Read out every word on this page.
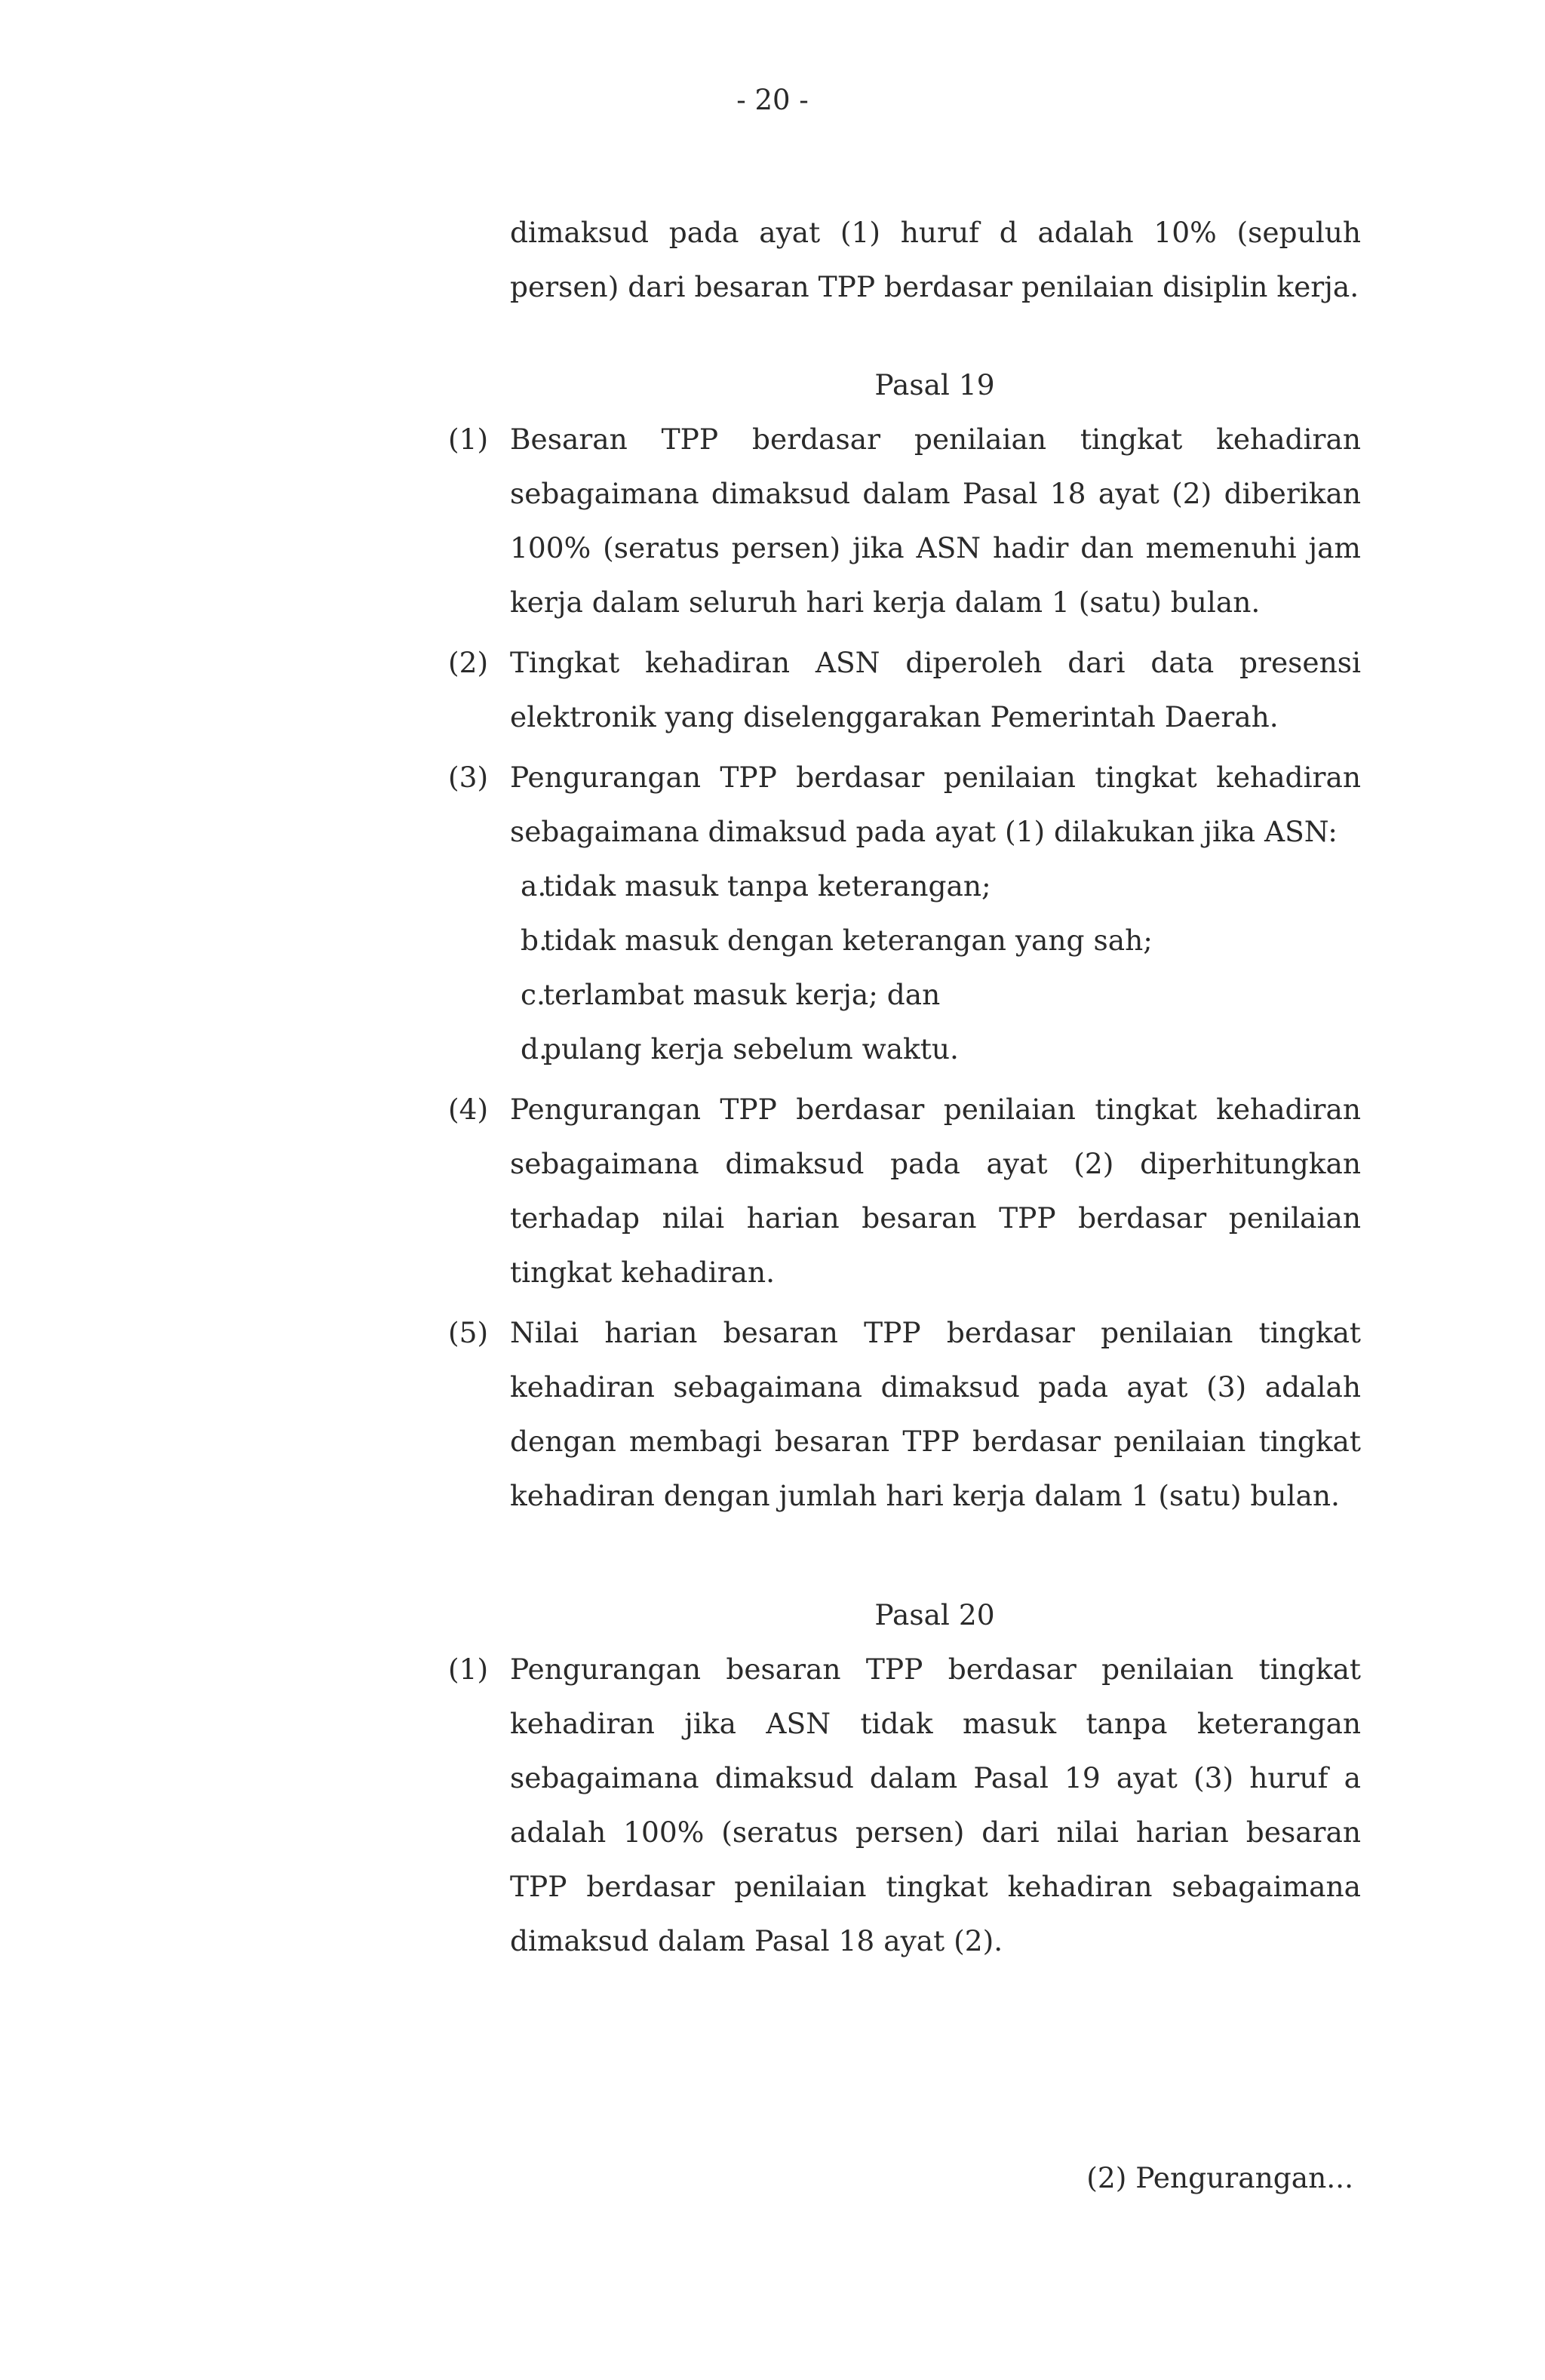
- 20 -

dimaksud pada ayat (1) huruf d adalah 10% (sepuluh persen) dari besaran TPP berdasar penilaian disiplin kerja.

Pasal 19
(1) Besaran TPP berdasar penilaian tingkat kehadiran sebagaimana dimaksud dalam Pasal 18 ayat (2) diberikan 100% (seratus persen) jika ASN hadir dan memenuhi jam kerja dalam seluruh hari kerja dalam 1 (satu) bulan.
(2) Tingkat kehadiran ASN diperoleh dari data presensi elektronik yang diselenggarakan Pemerintah Daerah.
(3) Pengurangan TPP berdasar penilaian tingkat kehadiran sebagaimana dimaksud pada ayat (1) dilakukan jika ASN:
a.
tidak masuk tanpa keterangan;
b.
tidak masuk dengan keterangan yang sah;
c.
terlambat masuk kerja; dan
d.
pulang kerja sebelum waktu.
(4) Pengurangan TPP berdasar penilaian tingkat kehadiran sebagaimana dimaksud pada ayat (2) diperhitungkan terhadap nilai harian besaran TPP berdasar penilaian tingkat kehadiran.
(5) Nilai harian besaran TPP berdasar penilaian tingkat kehadiran sebagaimana dimaksud pada ayat (3) adalah dengan membagi besaran TPP berdasar penilaian tingkat kehadiran dengan jumlah hari kerja dalam 1 (satu) bulan.
Pasal 20
(1) Pengurangan besaran TPP berdasar penilaian tingkat kehadiran jika ASN tidak masuk tanpa keterangan sebagaimana dimaksud dalam Pasal 19 ayat (3) huruf a adalah 100% (seratus persen) dari nilai harian besaran TPP berdasar penilaian tingkat kehadiran sebagaimana dimaksud dalam Pasal 18 ayat (2).
(2) Pengurangan...
